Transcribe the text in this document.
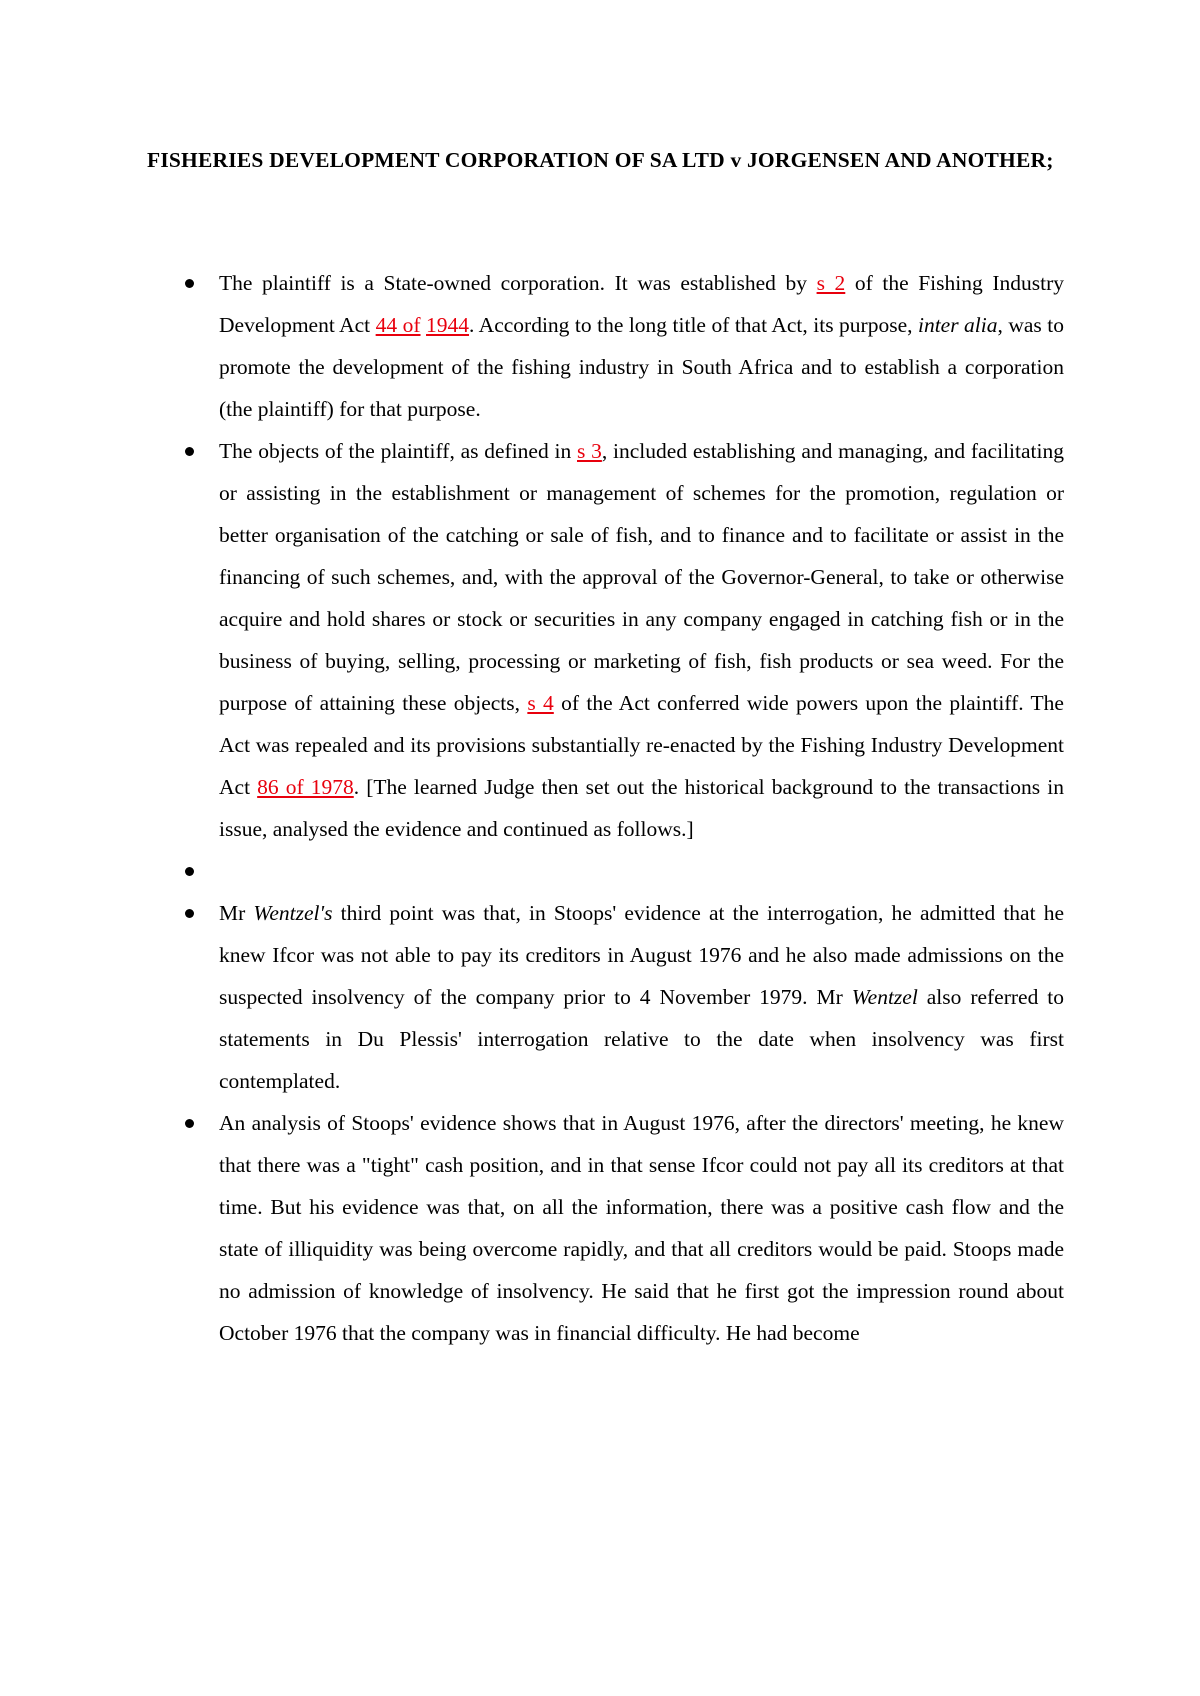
FISHERIES DEVELOPMENT CORPORATION OF SA LTD v JORGENSEN AND ANOTHER;
The plaintiff is a State-owned corporation. It was established by s 2 of the Fishing Industry Development Act 44 of 1944. According to the long title of that Act, its purpose, inter alia, was to promote the development of the fishing industry in South Africa and to establish a corporation (the plaintiff) for that purpose.
The objects of the plaintiff, as defined in s 3, included establishing and managing, and facilitating or assisting in the establishment or management of schemes for the promotion, regulation or better organisation of the catching or sale of fish, and to finance and to facilitate or assist in the financing of such schemes, and, with the approval of the Governor-General, to take or otherwise acquire and hold shares or stock or securities in any company engaged in catching fish or in the business of buying, selling, processing or marketing of fish, fish products or sea weed. For the purpose of attaining these objects, s 4 of the Act conferred wide powers upon the plaintiff. The Act was repealed and its provisions substantially re-enacted by the Fishing Industry Development Act 86 of 1978. [The learned Judge then set out the historical background to the transactions in issue, analysed the evidence and continued as follows.]
Mr Wentzel's third point was that, in Stoops' evidence at the interrogation, he admitted that he knew Ifcor was not able to pay its creditors in August 1976 and he also made admissions on the suspected insolvency of the company prior to 4 November 1979. Mr Wentzel also referred to statements in Du Plessis' interrogation relative to the date when insolvency was first contemplated.
An analysis of Stoops' evidence shows that in August 1976, after the directors' meeting, he knew that there was a "tight" cash position, and in that sense Ifcor could not pay all its creditors at that time. But his evidence was that, on all the information, there was a positive cash flow and the state of illiquidity was being overcome rapidly, and that all creditors would be paid. Stoops made no admission of knowledge of insolvency. He said that he first got the impression round about October 1976 that the company was in financial difficulty. He had become
